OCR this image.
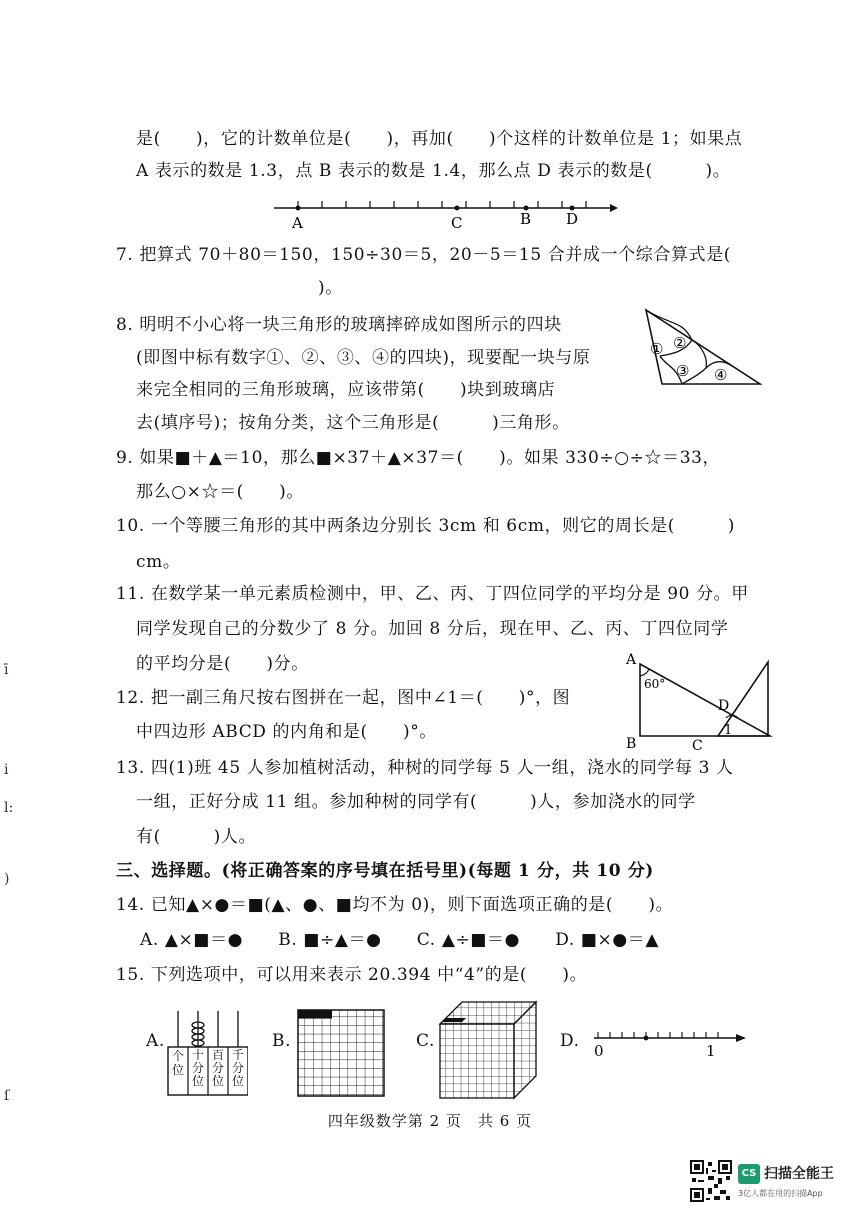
是(　　)，它的计数单位是(　　)，再加(　　)个这样的计数单位是 1；如果点
A 表示的数是 1.3，点 B 表示的数是 1.4，那么点 D 表示的数是(　　　)。
A	C	B D
7. 把算式 70＋80＝150，150÷30＝5，20－5＝15 合并成一个综合算式是(
)。
8. 明明不小心将一块三角形的玻璃摔碎成如图所示的四块
(即图中标有数字①、②、③、④的四块)，现要配一块与原
来完全相同的三角形玻璃，应该带第(　　)块到玻璃店
去(填序号)；按角分类，这个三角形是(　　　)三角形。
① ②
③ ④
9. 如果■＋▲＝10，那么■×37＋▲×37＝(　　)。如果 330÷○÷☆＝33，
那么○×☆＝(　　)。
10. 一个等腰三角形的其中两条边分别长 3cm 和 6cm，则它的周长是(　　　)
cm。
11. 在数学某一单元素质检测中，甲、乙、丙、丁四位同学的平均分是 90 分。甲
同学发现自己的分数少了 8 分。加回 8 分后，现在甲、乙、丙、丁四位同学
的平均分是(　　)分。
12. 把一副三角尺按右图拼在一起，图中∠1＝(　　)°，图
中四边形 ABCD 的内角和是(　　)°。
A
60°
D
1
B	C
13. 四(1)班 45 人参加植树活动，种树的同学每 5 人一组，浇水的同学每 3 人
一组，正好分成 11 组。参加种树的同学有(　　　)人，参加浇水的同学
有(　　　)人。
三、选择题。(将正确答案的序号填在括号里)(每题 1 分，共 10 分)
14. 已知▲×●＝■(▲、●、■均不为 0)，则下面选项正确的是(　　)。
A. ▲×■＝●　　B. ■÷▲＝●　　C. ▲÷■＝●　　D. ■×●＝▲
15. 下列选项中，可以用来表示 20.394 中“4”的是(　　)。
A.
个位
十分位
百分位
千分位
B.	C.	D. 0	1
ī
i
l:
)
ſ
四年级数学第 2 页　共 6 页
CS 扫描全能王
3亿人都在用的扫描App
